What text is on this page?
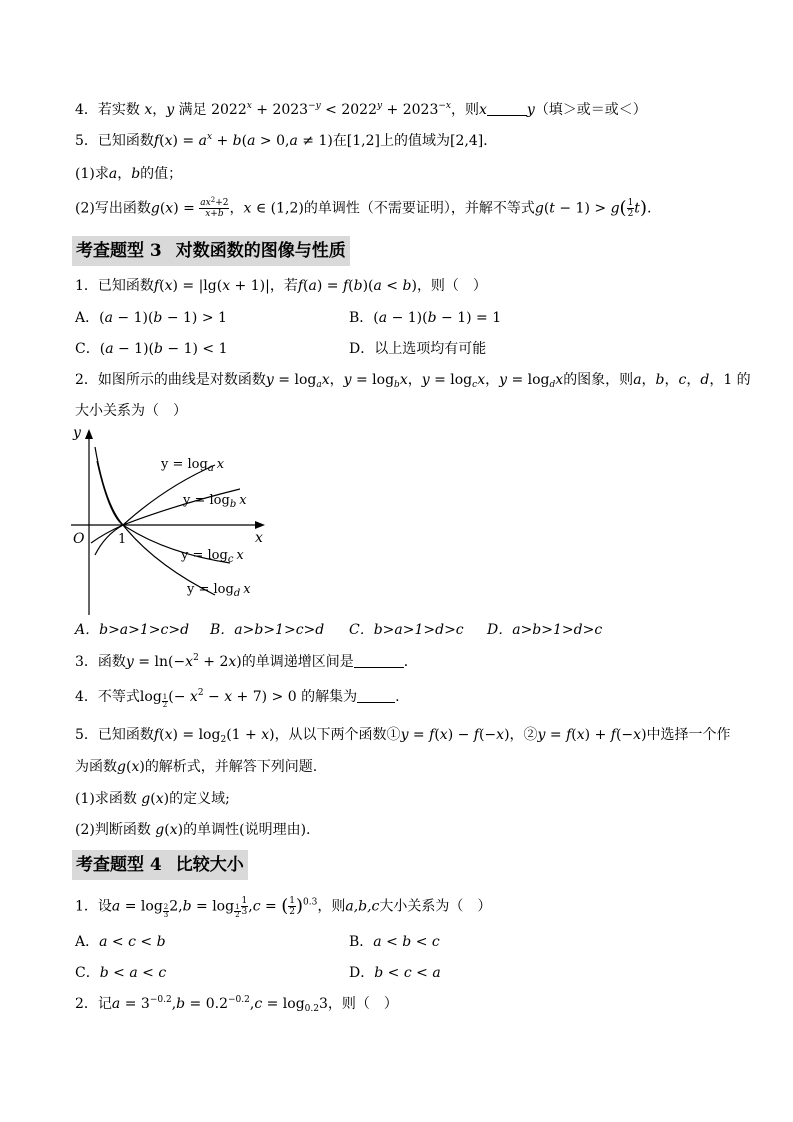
4．若实数 x，y 满足 $2022^x + 2023^{-y} < 2022^y + 2023^{-x}$，则x	y（填＞或＝或＜）
5．已知函数$f(x) = a^x + b(a > 0,a \ne 1)$在[1,2]上的值域为[2,4]．
(1)求a，b的值；
(2)写出函数$g(x) = \frac{ax^2+2}{x+b}$ ，x ∈ (1,2)的单调性（不需要证明），并解不等式$g(t - 1) > g( \frac{1}{2} t)$.
考查题型 3 对数函数的图像与性质
1．已知函数f(x) = |lg(x + 1)|，若f(a) = f(b)(a < b)，则（　）
A．(a − 1)(b − 1) > 1	B．(a − 1)(b − 1) = 1
C．(a − 1)(b − 1) < 1	D．以上选项均有可能
2．如图所示的曲线是对数函数$y = \log_ax$，$y = \log_bx$，$y = \log_cx$，$y = \log_dx$的图象，则a，b，c，d，1 的
大小关系为（　）
y
x
O	1
$y = \log_a x$
$y = \log_b x$
$y = \log_c x$
$y = \log_d x$
A．b>a>1>c>d B．a>b>1>c>d C．b>a>1>d>c D．a>b>1>d>c
3．函数$y = \ln(-x^2 + 2x)$的单调递增区间是	．
4．不等式log $_{\frac{1}{2}}$ (− $x^2 - x + 7) > 0$ 的解集为	.
5．已知函数$f(x) = \log_2(1 + x)$，从以下两个函数①y = f(x) − f(−x)，②y = f(x) + f(−x)中选择一个作
为函数g(x)的解析式，并解答下列问题.
(1)求函数 g(x)的定义域;
(2)判断函数 g(x)的单调性(说明理由).
考查题型 4 比较大小
1．设a = log $_{\frac{2}{3}}$ $2,b = \log _{\frac{1}{2}} \frac{1}{3} ,c$ = ( $\frac{1}{2} )^{0.3}$，则a,b,c大小关系为（　）
A．a < c < b	B．a < b < c
C．b < a < c	D．b < c < a
2．记$a = 3^{-0.2},b = 0.2^{-0.2},c = \log_{0.2}3$，则（　）
